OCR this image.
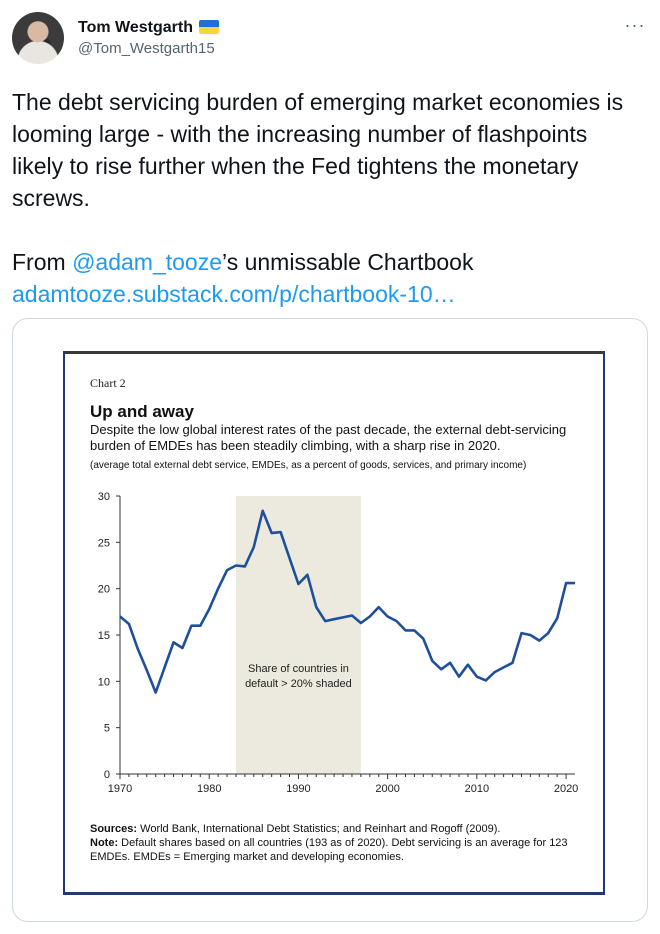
Tom Westgarth
@Tom_Westgarth15
···

The debt servicing burden of emerging market economies is looming large - with the increasing number of flashpoints likely to rise further when the Fed tightens the monetary screws.

From @adam_tooze’s unmissable Chartbook

adamtooze.substack.com/p/chartbook-10…

Chart 2
Up and away
Despite the low global interest rates of the past decade, the external debt-servicing burden of EMDEs has been steadily climbing, with a sharp rise in 2020.
(average total external debt service, EMDEs, as a percent of goods, services, and primary income)
Share of countries in
default > 20% shaded
0
5
10
15
20
25
30
1970	1980	1990	2000	2010	2020
Sources: World Bank, International Debt Statistics; and Reinhart and Rogoff (2009).
Note: Default shares based on all countries (193 as of 2020). Debt servicing is an average for 123 EMDEs. EMDEs = Emerging market and developing economies.
